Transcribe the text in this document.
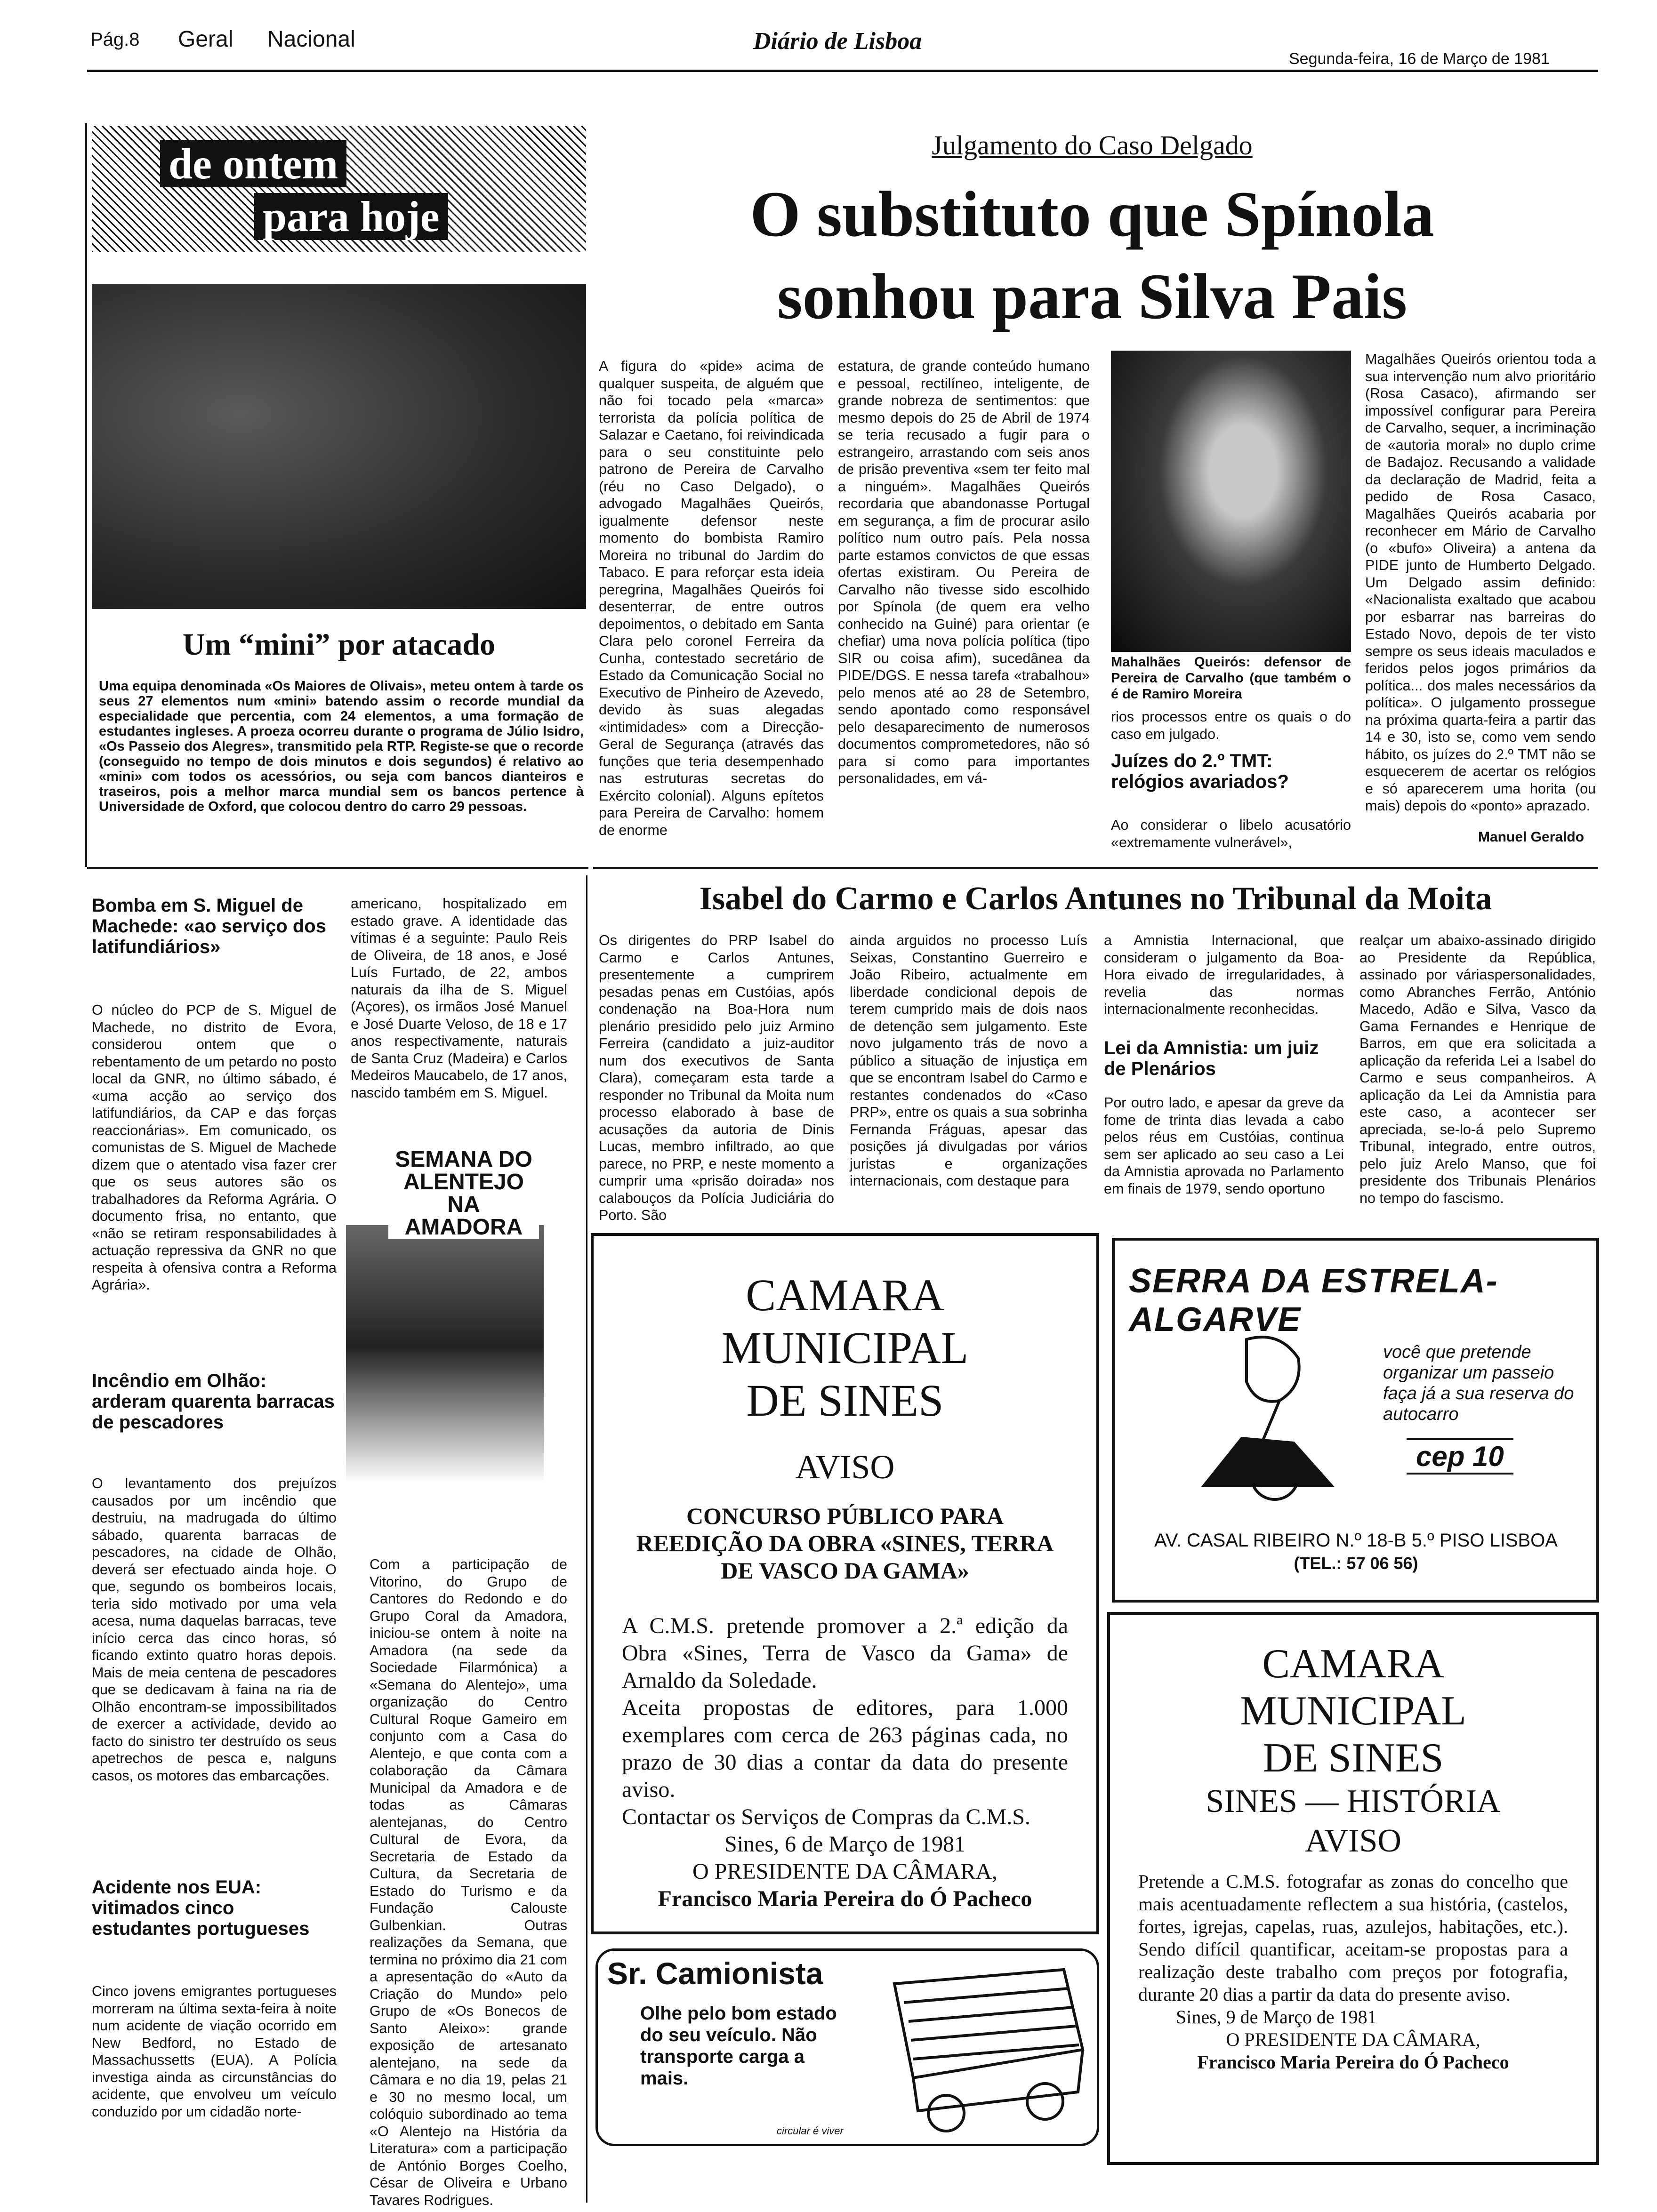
Pág.8 Geral Nacional	Diário de Lisboa
Segunda-feira, 16 de Março de 1981
de ontem
para hoje
Um “mini” por atacado
Uma equipa denominada «Os Maiores de Olivais», meteu ontem à tarde os seus 27 elementos num «mini» batendo assim o recorde mundial da especialidade que percentia, com 24 elementos, a uma formação de estudantes ingleses. A proeza ocorreu durante o programa de Júlio Isidro, «Os Passeio dos Alegres», transmitido pela RTP. Registe-se que o recorde (conseguido no tempo de dois minutos e dois segundos) é relativo ao «mini» com todos os acessórios, ou seja com bancos dianteiros e traseiros, pois a melhor marca mundial sem os bancos pertence à Universidade de Oxford, que colocou dentro do carro 29 pessoas.
Bomba em S. Miguel de Machede: «ao serviço dos latifundiários»
O núcleo do PCP de S. Miguel de Machede, no distrito de Evora, considerou ontem que o rebentamento de um petardo no posto local da GNR, no último sábado, é «uma acção ao serviço dos latifundiários, da CAP e das forças reaccionárias». Em comunicado, os comunistas de S. Miguel de Machede dizem que o atentado visa fazer crer que os seus autores são os trabalhadores da Reforma Agrária. O documento frisa, no entanto, que «não se retiram responsabilidades à actuação repressiva da GNR no que respeita à ofensiva contra a Reforma Agrária».
Incêndio em Olhão: arderam quarenta barracas de pescadores
O levantamento dos prejuízos causados por um incêndio que destruiu, na madrugada do último sábado, quarenta barracas de pescadores, na cidade de Olhão, deverá ser efectuado ainda hoje. O que, segundo os bombeiros locais, teria sido motivado por uma vela acesa, numa daquelas barracas, teve início cerca das cinco horas, só ficando extinto quatro horas depois. Mais de meia centena de pescadores que se dedicavam à faina na ria de Olhão encontram-se impossibilitados de exercer a actividade, devido ao facto do sinistro ter destruído os seus apetrechos de pesca e, nalguns casos, os motores das embarcações.
Acidente nos EUA: vitimados cinco estudantes portugueses
Cinco jovens emigrantes portugueses morreram na última sexta-feira à noite num acidente de viação ocorrido em New Bedford, no Estado de Massachussetts (EUA). A Polícia investiga ainda as circunstâncias do acidente, que envolveu um veículo conduzido por um cidadão norte-
americano, hospitalizado em estado grave. A identidade das vítimas é a seguinte: Paulo Reis de Oliveira, de 18 anos, e José Luís Furtado, de 22, ambos naturais da ilha de S. Miguel (Açores), os irmãos José Manuel e José Duarte Veloso, de 18 e 17 anos respectivamente, naturais de Santa Cruz (Madeira) e Carlos Medeiros Maucabelo, de 17 anos, nascido também em S. Miguel.
SEMANA DO ALENTEJO NA AMADORA
Com a participação de Vitorino, do Grupo de Cantores do Redondo e do Grupo Coral da Amadora, iniciou-se ontem à noite na Amadora (na sede da Sociedade Filarmónica) a «Semana do Alentejo», uma organização do Centro Cultural Roque Gameiro em conjunto com a Casa do Alentejo, e que conta com a colaboração da Câmara Municipal da Amadora e de todas as Câmaras alentejanas, do Centro Cultural de Evora, da Secretaria de Estado da Cultura, da Secretaria de Estado do Turismo e da Fundação Calouste Gulbenkian. Outras realizações da Semana, que termina no próximo dia 21 com a apresentação do «Auto da Criação do Mundo» pelo Grupo de «Os Bonecos de Santo Aleixo»: grande exposição de artesanato alentejano, na sede da Câmara e no dia 19, pelas 21 e 30 no mesmo local, um colóquio subordinado ao tema «O Alentejo na História da Literatura» com a participação de António Borges Coelho, César de Oliveira e Urbano Tavares Rodrigues.
Julgamento do Caso Delgado
O substituto que Spínola
sonhou para Silva Pais
A figura do «pide» acima de qualquer suspeita, de alguém que não foi tocado pela «marca» terrorista da polícia política de Salazar e Caetano, foi reivindicada para o seu constituinte pelo patrono de Pereira de Carvalho (réu no Caso Delgado), o advogado Magalhães Queirós, igualmente defensor neste momento do bombista Ramiro Moreira no tribunal do Jardim do Tabaco. E para reforçar esta ideia peregrina, Magalhães Queirós foi desenterrar, de entre outros depoimentos, o debitado em Santa Clara pelo coronel Ferreira da Cunha, contestado secretário de Estado da Comunicação Social no Executivo de Pinheiro de Azevedo, devido às suas alegadas «intimidades» com a Direcção-Geral de Segurança (através das funções que teria desempenhado nas estruturas secretas do Exército colonial). Alguns epítetos para Pereira de Carvalho: homem de enorme
estatura, de grande conteúdo humano e pessoal, rectilíneo, inteligente, de grande nobreza de sentimentos: que mesmo depois do 25 de Abril de 1974 se teria recusado a fugir para o estrangeiro, arrastando com seis anos de prisão preventiva «sem ter feito mal a ninguém». Magalhães Queirós recordaria que abandonasse Portugal em segurança, a fim de procurar asilo político num outro país. Pela nossa parte estamos convictos de que essas ofertas existiram. Ou Pereira de Carvalho não tivesse sido escolhido por Spínola (de quem era velho conhecido na Guiné) para orientar (e chefiar) uma nova polícia política (tipo SIR ou coisa afim), sucedânea da PIDE/DGS. E nessa tarefa «trabalhou» pelo menos até ao 28 de Setembro, sendo apontado como responsável pelo desaparecimento de numerosos documentos comprometedores, não só para si como para importantes personalidades, em vá-
Mahalhães Queirós: defensor de Pereira de Carvalho (que também o é de Ramiro Moreira
rios processos entre os quais o do caso em julgado.
Juízes do 2.º TMT: relógios avariados?
Ao considerar o libelo acusatório «extremamente vulnerável»,
Magalhães Queirós orientou toda a sua intervenção num alvo prioritário (Rosa Casaco), afirmando ser impossível configurar para Pereira de Carvalho, sequer, a incriminação de «autoria moral» no duplo crime de Badajoz. Recusando a validade da declaração de Madrid, feita a pedido de Rosa Casaco, Magalhães Queirós acabaria por reconhecer em Mário de Carvalho (o «bufo» Oliveira) a antena da PIDE junto de Humberto Delgado. Um Delgado assim definido: «Nacionalista exaltado que acabou por esbarrar nas barreiras do Estado Novo, depois de ter visto sempre os seus ideais maculados e feridos pelos jogos primários da política... dos males necessários da política». O julgamento prossegue na próxima quarta-feira a partir das 14 e 30, isto se, como vem sendo hábito, os juízes do 2.º TMT não se esquecerem de acertar os relógios e só aparecerem uma horita (ou mais) depois do «ponto» aprazado.
Manuel Geraldo
Isabel do Carmo e Carlos Antunes no Tribunal da Moita
Os dirigentes do PRP Isabel do Carmo e Carlos Antunes, presentemente a cumprirem pesadas penas em Custóias, após condenação na Boa-Hora num plenário presidido pelo juiz Armino Ferreira (candidato a juiz-auditor num dos executivos de Santa Clara), começaram esta tarde a responder no Tribunal da Moita num processo elaborado à base de acusações da autoria de Dinis Lucas, membro infiltrado, ao que parece, no PRP, e neste momento a cumprir uma «prisão doirada» nos calabouços da Polícia Judiciária do Porto. São
ainda arguidos no processo Luís Seixas, Constantino Guerreiro e João Ribeiro, actualmente em liberdade condicional depois de terem cumprido mais de dois naos de detenção sem julgamento. Este novo julgamento trás de novo a público a situação de injustiça em que se encontram Isabel do Carmo e restantes condenados do «Caso PRP», entre os quais a sua sobrinha Fernanda Fráguas, apesar das posições já divulgadas por vários juristas e organizações internacionais, com destaque para
a Amnistia Internacional, que consideram o julgamento da Boa-Hora eivado de irregularidades, à revelia das normas internacionalmente reconhecidas.
Lei da Amnistia: um juiz de Plenários
Por outro lado, e apesar da greve da fome de trinta dias levada a cabo pelos réus em Custóias, continua sem ser aplicado ao seu caso a Lei da Amnistia aprovada no Parlamento em finais de 1979, sendo oportuno
realçar um abaixo-assinado dirigido ao Presidente da República, assinado por váriaspersonalidades, como Abranches Ferrão, António Macedo, Adão e Silva, Vasco da Gama Fernandes e Henrique de Barros, em que era solicitada a aplicação da referida Lei a Isabel do Carmo e seus companheiros. A aplicação da Lei da Amnistia para este caso, a acontecer ser apreciada, se-lo-á pelo Supremo Tribunal, integrado, entre outros, pelo juiz Arelo Manso, que foi presidente dos Tribunais Plenários no tempo do fascismo.
CAMARA
MUNICIPAL
DE SINES
AVISO
CONCURSO PÚBLICO PARA REEDIÇÃO DA OBRA «SINES, TERRA DE VASCO DA GAMA»
A C.M.S. pretende promover a 2.ª edição da Obra «Sines, Terra de Vasco da Gama» de Arnaldo da Soledade.
Aceita propostas de editores, para 1.000 exemplares com cerca de 263 páginas cada, no prazo de 30 dias a contar da data do presente aviso.
Contactar os Serviços de Compras da C.M.S.
Sines, 6 de Março de 1981
O PRESIDENTE DA CÂMARA,
Francisco Maria Pereira do Ó Pacheco
Sr. Camionista
Olhe pelo bom estado do seu veículo. Não transporte carga a mais.
circular é viver
SERRA DA ESTRELA-ALGARVE
você que pretende organizar um passeio faça já a sua reserva do autocarro
cep 10
AV. CASAL RIBEIRO N.º 18-B 5.º PISO LISBOA
(TEL.: 57 06 56)
CAMARA
MUNICIPAL
DE SINES
SINES — HISTÓRIA
AVISO
Pretende a C.M.S. fotografar as zonas do concelho que mais acentuadamente reflectem a sua história, (castelos, fortes, igrejas, capelas, ruas, azulejos, habitações, etc.). Sendo difícil quantificar, aceitam-se propostas para a realização deste trabalho com preços por fotografia, durante 20 dias a partir da data do presente aviso.
Sines, 9 de Março de 1981
O PRESIDENTE DA CÂMARA,
Francisco Maria Pereira do Ó Pacheco
